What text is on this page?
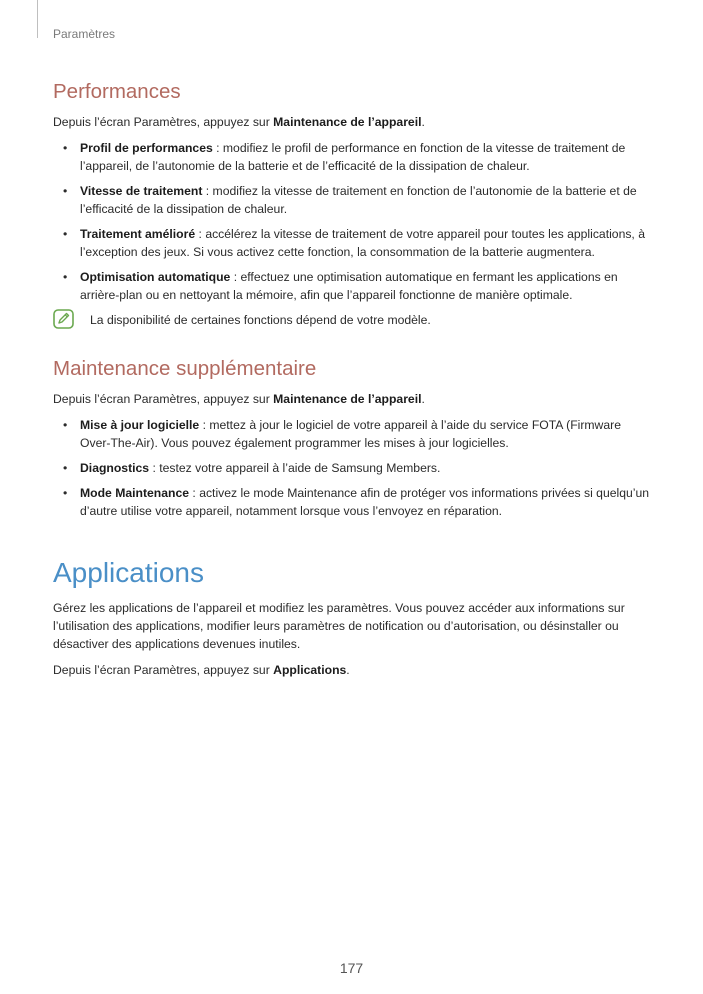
Paramètres
Performances

Depuis l’écran Paramètres, appuyez sur Maintenance de l’appareil.

• Profil de performances : modifiez le profil de performance en fonction de la vitesse de traitement de l’appareil, de l’autonomie de la batterie et de l’efficacité de la dissipation de chaleur.
• Vitesse de traitement : modifiez la vitesse de traitement en fonction de l’autonomie de la batterie et de l’efficacité de la dissipation de chaleur.
• Traitement amélioré : accélérez la vitesse de traitement de votre appareil pour toutes les applications, à l’exception des jeux. Si vous activez cette fonction, la consommation de la batterie augmentera.
• Optimisation automatique : effectuez une optimisation automatique en fermant les applications en arrière-plan ou en nettoyant la mémoire, afin que l’appareil fonctionne de manière optimale.
La disponibilité de certaines fonctions dépend de votre modèle.
Maintenance supplémentaire

Depuis l’écran Paramètres, appuyez sur Maintenance de l’appareil.

• Mise à jour logicielle : mettez à jour le logiciel de votre appareil à l’aide du service FOTA (Firmware Over-The-Air). Vous pouvez également programmer les mises à jour logicielles.
• Diagnostics : testez votre appareil à l’aide de Samsung Members.
• Mode Maintenance : activez le mode Maintenance afin de protéger vos informations privées si quelqu’un d’autre utilise votre appareil, notamment lorsque vous l’envoyez en réparation.
Applications

Gérez les applications de l’appareil et modifiez les paramètres. Vous pouvez accéder aux informations sur l’utilisation des applications, modifier leurs paramètres de notification ou d’autorisation, ou désinstaller ou désactiver des applications devenues inutiles.

Depuis l’écran Paramètres, appuyez sur Applications.

177
